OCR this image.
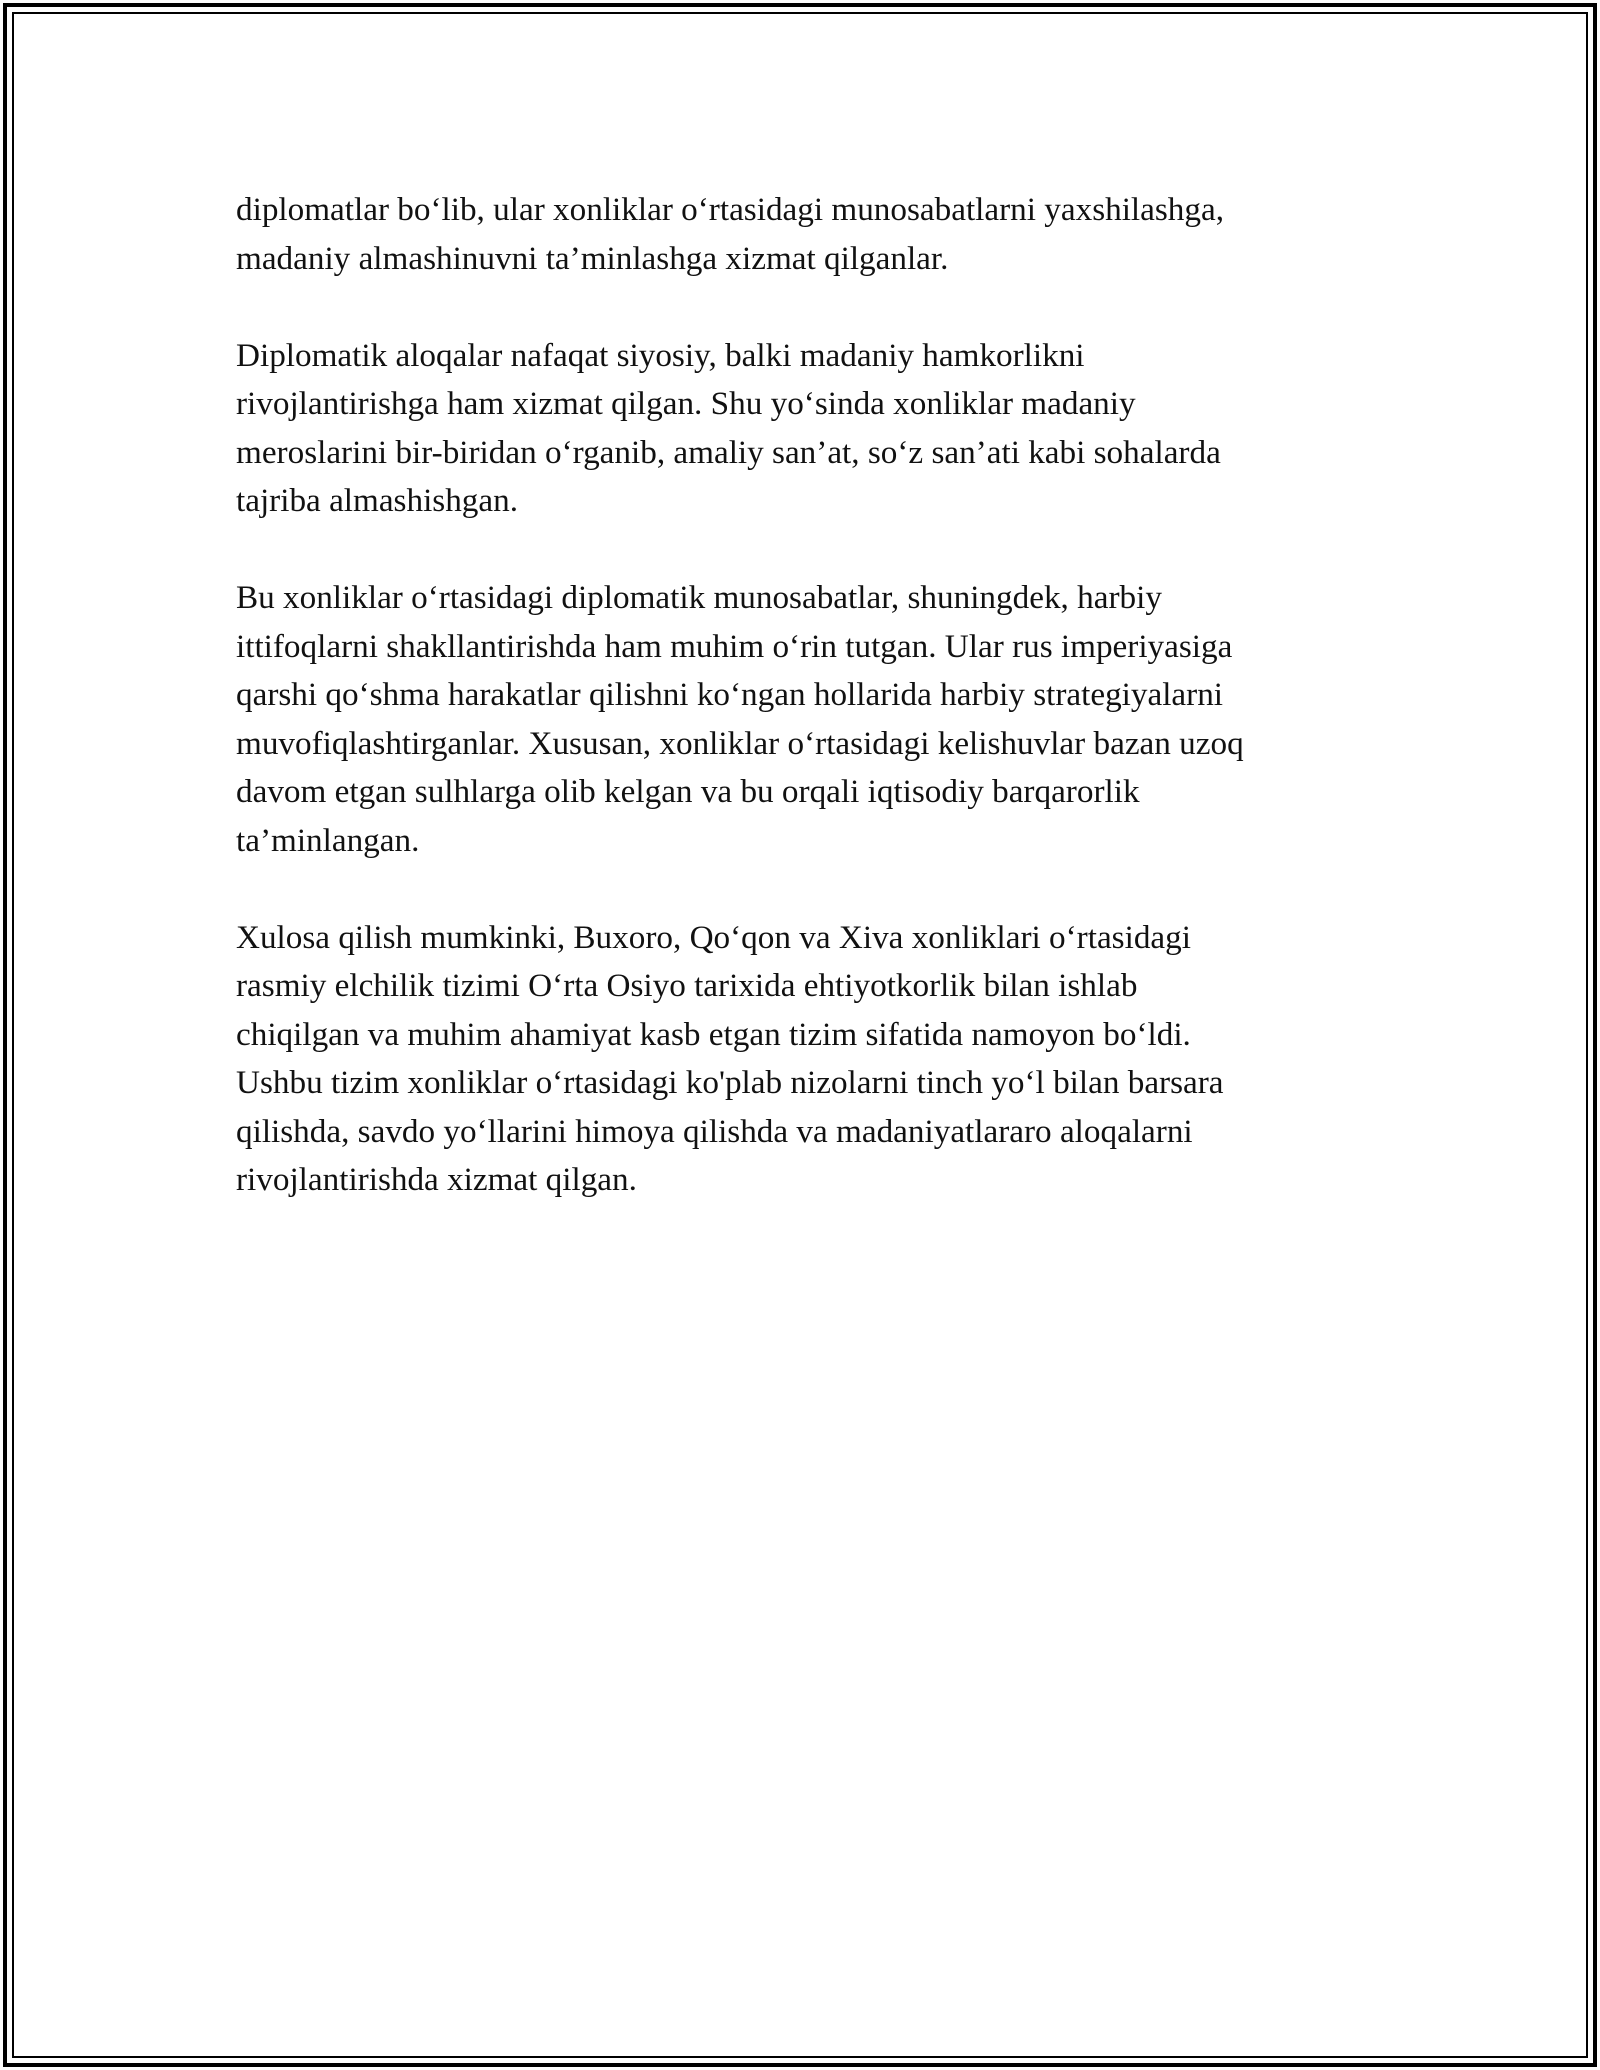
diplomatlar bo‘lib, ular xonliklar o‘rtasidagi munosabatlarni yaxshilashga,
madaniy almashinuvni ta’minlashga xizmat qilganlar.

Diplomatik aloqalar nafaqat siyosiy, balki madaniy hamkorlikni
rivojlantirishga ham xizmat qilgan. Shu yo‘sinda xonliklar madaniy
meroslarini bir-biridan o‘rganib, amaliy san’at, so‘z san’ati kabi sohalarda
tajriba almashishgan.

Bu xonliklar o‘rtasidagi diplomatik munosabatlar, shuningdek, harbiy
ittifoqlarni shakllantirishda ham muhim o‘rin tutgan. Ular rus imperiyasiga
qarshi qo‘shma harakatlar qilishni ko‘ngan hollarida harbiy strategiyalarni
muvofiqlashtirganlar. Xususan, xonliklar o‘rtasidagi kelishuvlar bazan uzoq
davom etgan sulhlarga olib kelgan va bu orqali iqtisodiy barqarorlik
ta’minlangan.

Xulosa qilish mumkinki, Buxoro, Qo‘qon va Xiva xonliklari o‘rtasidagi
rasmiy elchilik tizimi O‘rta Osiyo tarixida ehtiyotkorlik bilan ishlab
chiqilgan va muhim ahamiyat kasb etgan tizim sifatida namoyon bo‘ldi.
Ushbu tizim xonliklar o‘rtasidagi ko'plab nizolarni tinch yo‘l bilan barsara
qilishda, savdo yo‘llarini himoya qilishda va madaniyatlararo aloqalarni
rivojlantirishda xizmat qilgan.
